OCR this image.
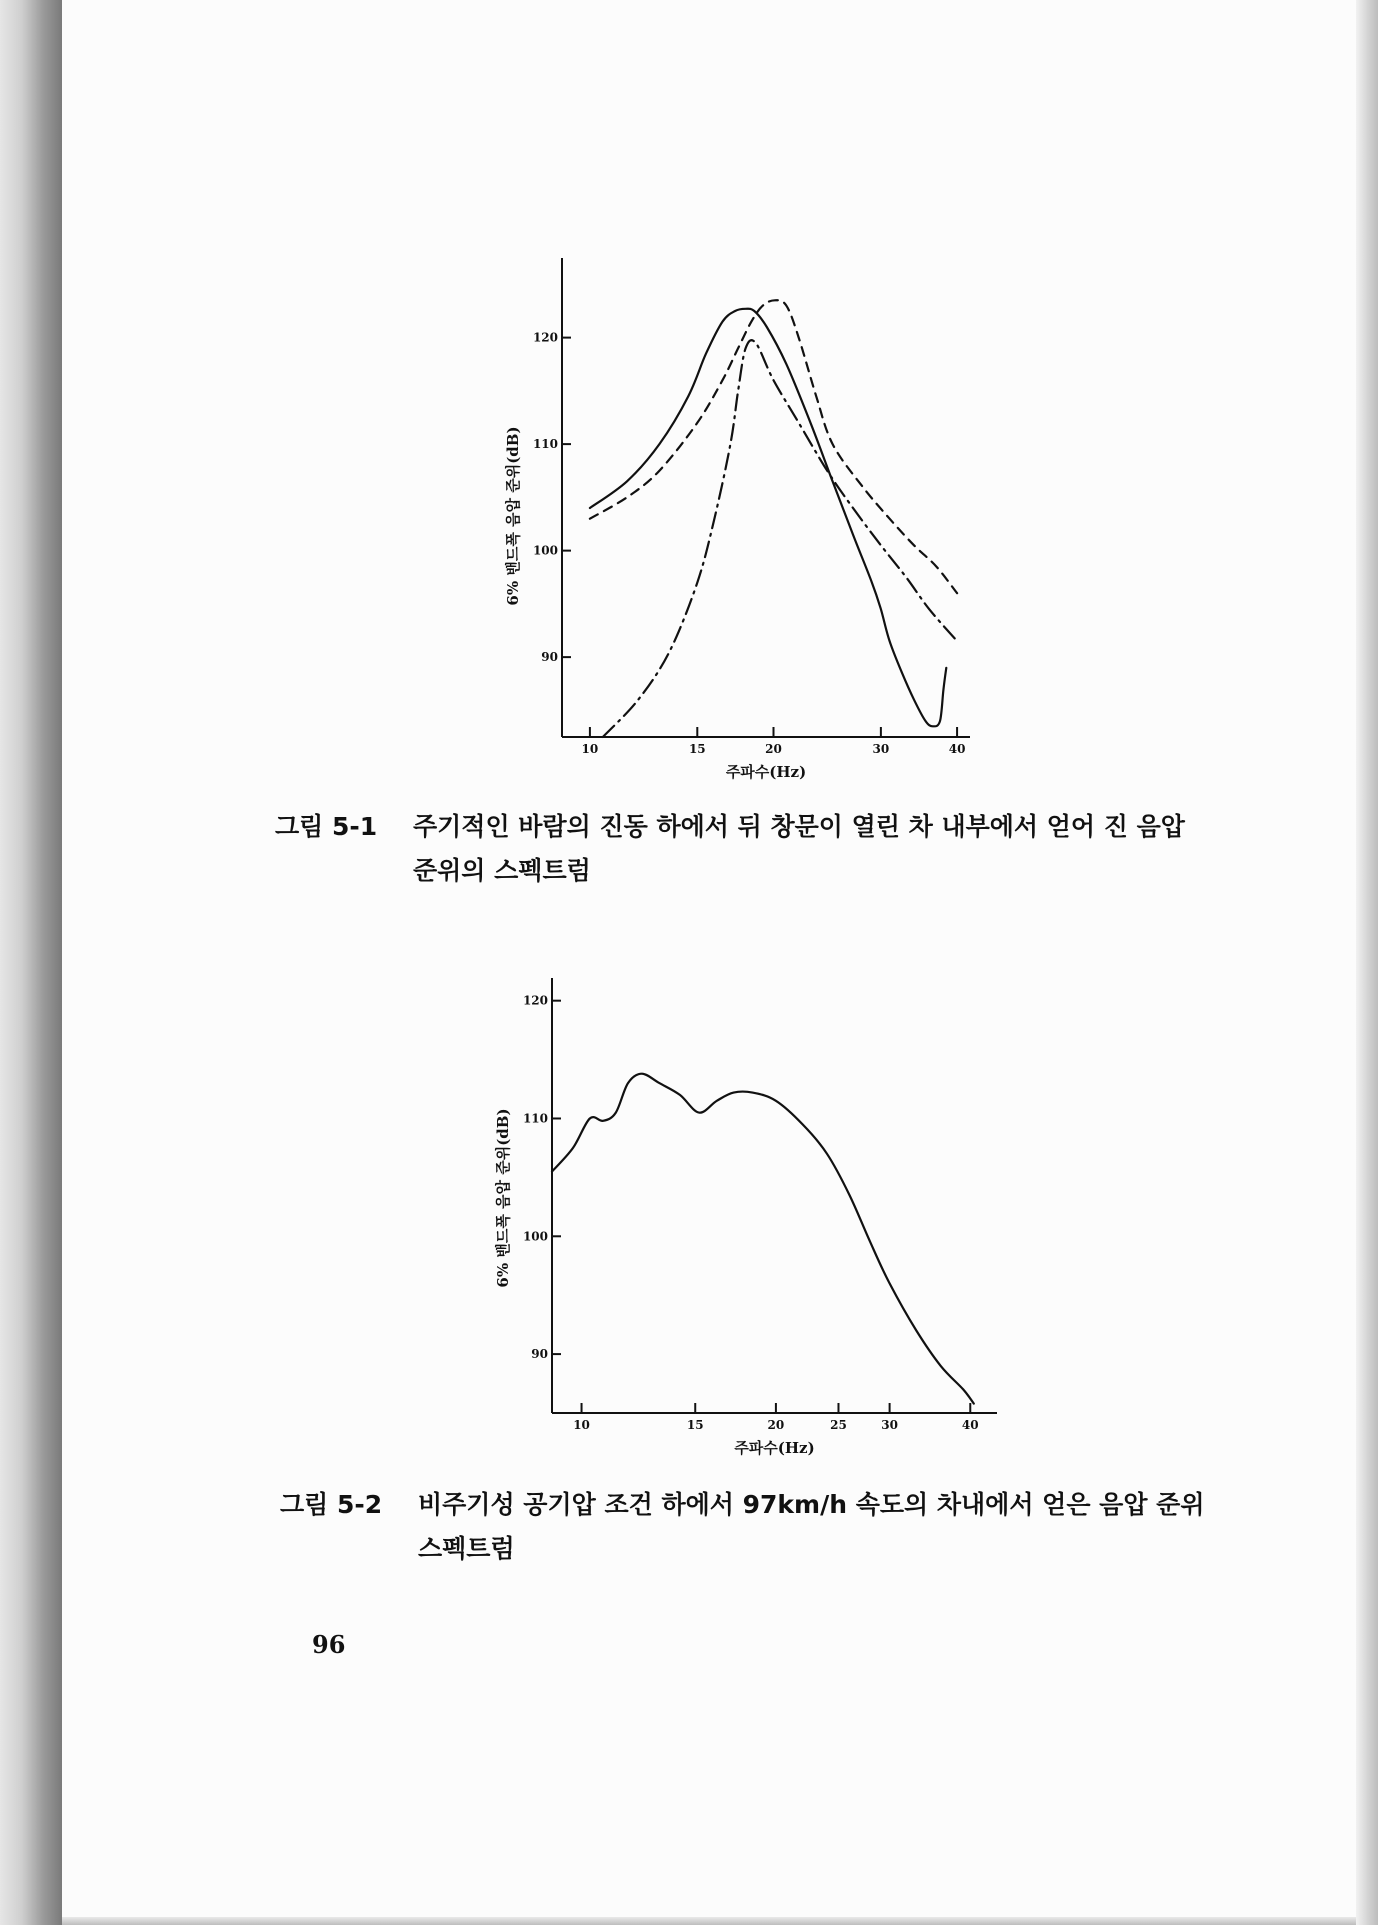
90
100
110
120
10	15	20	30	40
주파수(Hz)
6% 밴드폭 음압 준위(dB)
그림 5-1 주기적인 바람의 진동 하에서 뒤 창문이 열린 차 내부에서 얻어 진 음압 준위의 스펙트럼
90
100
110
120
10	15	20	25	30	40
주파수(Hz)
6% 밴드폭 음압 준위(dB)
그림 5-2 비주기성 공기압 조건 하에서 97km/h 속도의 차내에서 얻은 음압 준위 스펙트럼
96
